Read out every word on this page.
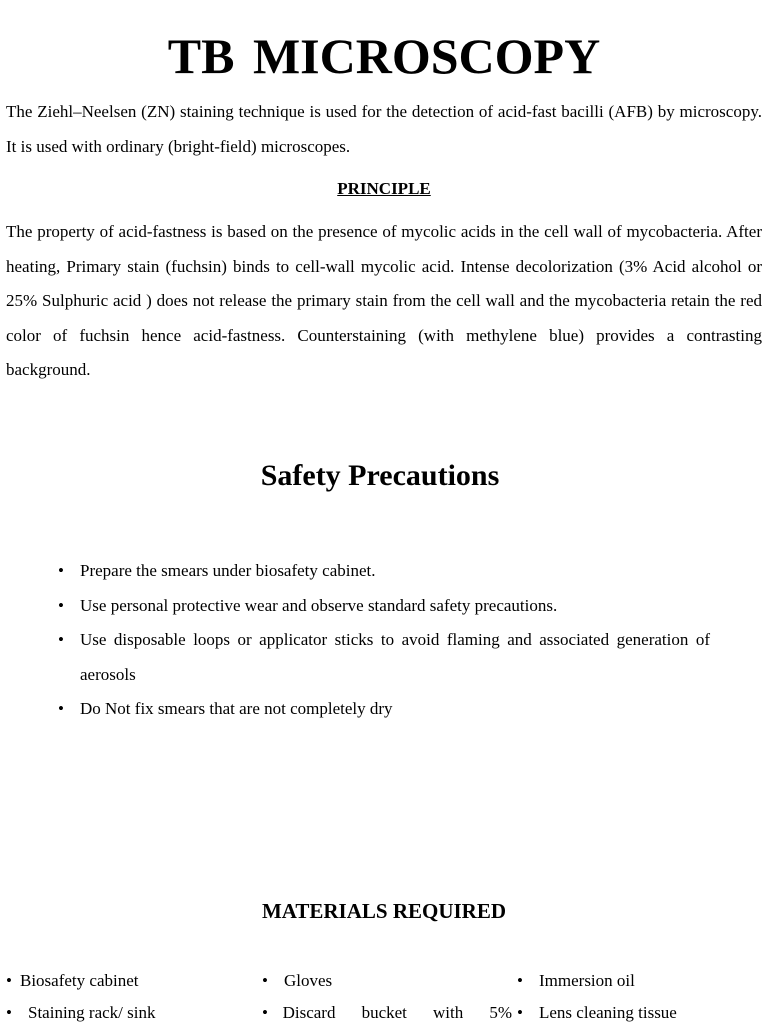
TB MICROSCOPY

The Ziehl–Neelsen (ZN) staining technique is used for the detection of acid-fast bacilli (AFB) by microscopy. It is used with ordinary (bright-field) microscopes.

PRINCIPLE

The property of acid-fastness is based on the presence of mycolic acids in the cell wall of mycobacteria. After heating, Primary stain (fuchsin) binds to cell-wall mycolic acid. Intense decolorization (3% Acid alcohol or 25% Sulphuric acid ) does not release the primary stain from the cell wall and the mycobacteria retain the red color of fuchsin hence acid-fastness. Counterstaining (with methylene blue) provides a contrasting background.

Safety Precautions
• Prepare the smears under biosafety cabinet.
• Use personal protective wear and observe standard safety precautions.
• Use disposable loops or applicator sticks to avoid flaming and associated generation of aerosols
• Do Not fix smears that are not completely dry
MATERIALS REQUIRED
• Biosafety cabinet
• Staining rack/ sink
• Gloves
• Discard bucket with 5%
• Immersion oil
• Lens cleaning tissue
